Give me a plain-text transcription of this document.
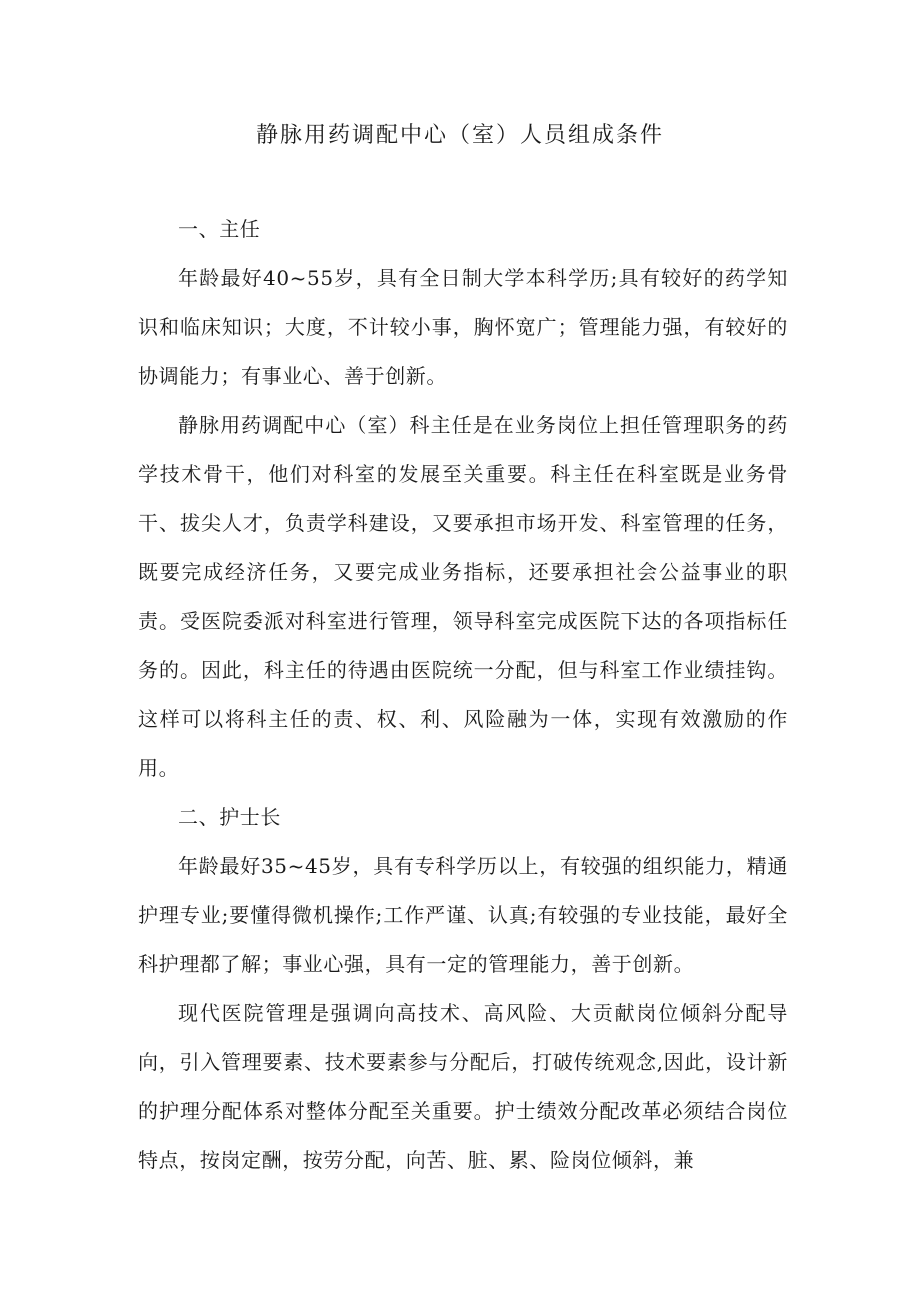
静脉用药调配中心（室）人员组成条件

一、主任

年龄最好40~55岁，具有全日制大学本科学历;具有较好的药学知识和临床知识；大度，不计较小事，胸怀宽广；管理能力强，有较好的协调能力；有事业心、善于创新。

静脉用药调配中心（室）科主任是在业务岗位上担任管理职务的药学技术骨干，他们对科室的发展至关重要。科主任在科室既是业务骨干、拔尖人才，负责学科建设，又要承担市场开发、科室管理的任务，既要完成经济任务，又要完成业务指标，还要承担社会公益事业的职责。受医院委派对科室进行管理，领导科室完成医院下达的各项指标任务的。因此，科主任的待遇由医院统一分配，但与科室工作业绩挂钩。这样可以将科主任的责、权、利、风险融为一体，实现有效激励的作用。

二、护士长

年龄最好35~45岁，具有专科学历以上，有较强的组织能力，精通护理专业;要懂得微机操作;工作严谨、认真;有较强的专业技能，最好全科护理都了解；事业心强，具有一定的管理能力，善于创新。

现代医院管理是强调向高技术、高风险、大贡献岗位倾斜分配导向，引入管理要素、技术要素参与分配后，打破传统观念,因此，设计新的护理分配体系对整体分配至关重要。护士绩效分配改革必须结合岗位特点，按岗定酬，按劳分配，向苦、脏、累、险岗位倾斜，兼
